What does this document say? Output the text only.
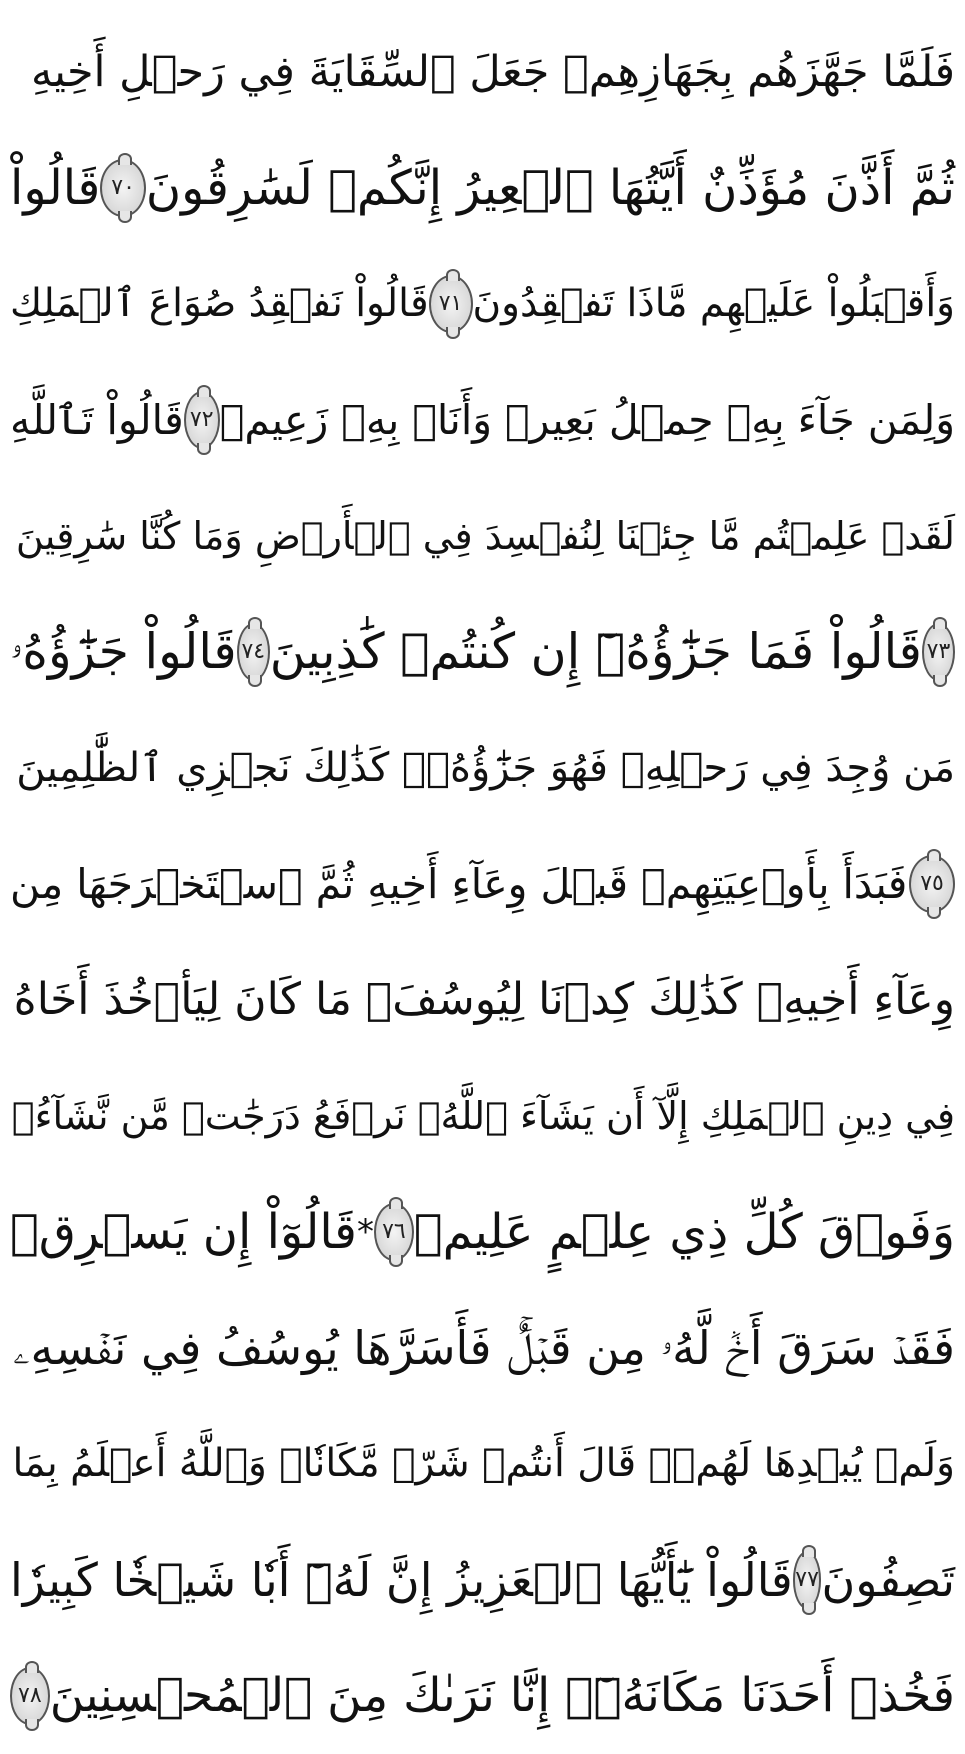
فَلَمَّا جَهَّزَهُم بِجَهَازِهِمۡ جَعَلَ ٱلسِّقَايَةَ فِي رَحۡلِ أَخِيهِ
ثُمَّ أَذَّنَ مُؤَذِّنٌ أَيَّتُهَا ٱلۡعِيرُ إِنَّكُمۡ لَسَٰرِقُونَ
٧٠
قَالُواْ
وَأَقۡبَلُواْ عَلَيۡهِم مَّاذَا تَفۡقِدُونَ
٧١
قَالُواْ نَفۡقِدُ صُوَاعَ ٱلۡمَلِكِ
وَلِمَن جَآءَ بِهِۦ حِمۡلُ بَعِيرٖ وَأَنَا۠ بِهِۦ زَعِيمٞ
٧٢
قَالُواْ تَٱللَّهِ
لَقَدۡ عَلِمۡتُم مَّا جِئۡنَا لِنُفۡسِدَ فِي ٱلۡأَرۡضِ وَمَا كُنَّا سَٰرِقِينَ
٧٣
قَالُواْ فَمَا جَزَٰٓؤُهُۥٓ إِن كُنتُمۡ كَٰذِبِينَ
٧٤
قَالُواْ جَزَٰٓؤُهُۥ
مَن وُجِدَ فِي رَحۡلِهِۦ فَهُوَ جَزَٰٓؤُهُۥۚ كَذَٰلِكَ نَجۡزِي ٱلظَّٰلِمِينَ
٧٥
فَبَدَأَ بِأَوۡعِيَتِهِمۡ قَبۡلَ وِعَآءِ أَخِيهِ ثُمَّ ٱسۡتَخۡرَجَهَا مِن
وِعَآءِ أَخِيهِۚ كَذَٰلِكَ كِدۡنَا لِيُوسُفَۖ مَا كَانَ لِيَأۡخُذَ أَخَاهُ
فِي دِينِ ٱلۡمَلِكِ إِلَّآ أَن يَشَآءَ ٱللَّهُۚ نَرۡفَعُ دَرَجَٰتٖ مَّن نَّشَآءُۗ
وَفَوۡقَ كُلِّ ذِي عِلۡمٍ عَلِيمٞ
٧٦
*
قَالُوٓاْ إِن يَسۡرِقۡ
فَقَدۡ سَرَقَ أَخٞ لَّهُۥ مِن قَبۡلُۚ فَأَسَرَّهَا يُوسُفُ فِي نَفۡسِهِۦ
وَلَمۡ يُبۡدِهَا لَهُمۡۚ قَالَ أَنتُمۡ شَرّٞ مَّكَانٗاۖ وَٱللَّهُ أَعۡلَمُ بِمَا
تَصِفُونَ
٧٧
قَالُواْ يَٰٓأَيُّهَا ٱلۡعَزِيزُ إِنَّ لَهُۥٓ أَبٗا شَيۡخٗا كَبِيرٗا
فَخُذۡ أَحَدَنَا مَكَانَهُۥٓۖ إِنَّا نَرَىٰكَ مِنَ ٱلۡمُحۡسِنِينَ
٧٨
